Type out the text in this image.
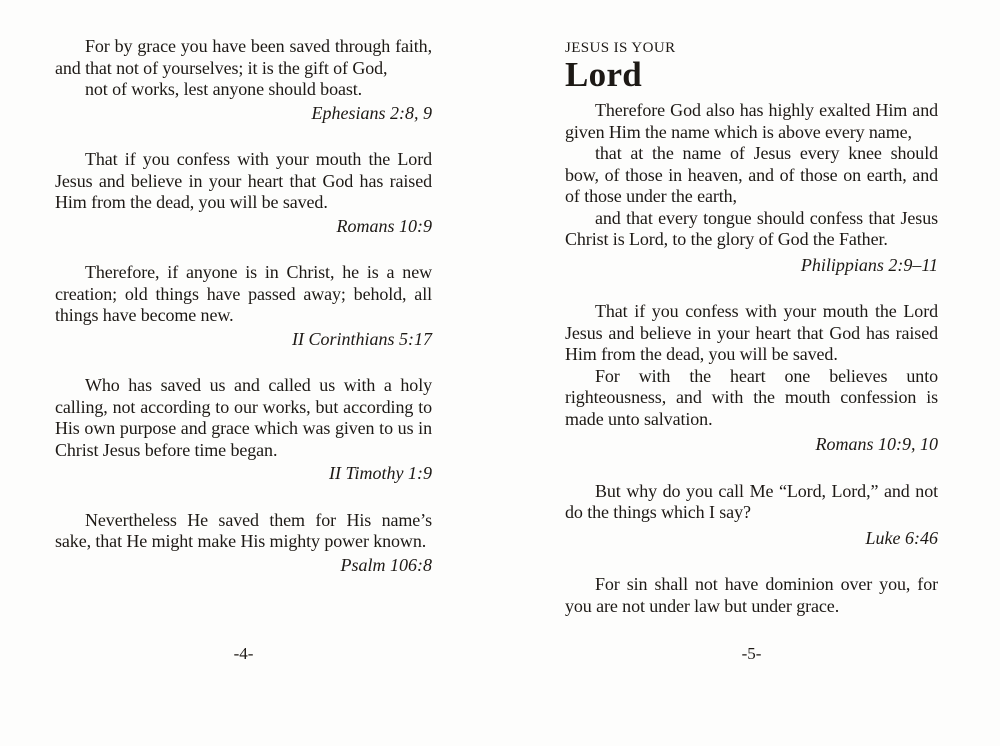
For by grace you have been saved through faith, and that not of yourselves; it is the gift of God,

not of works, lest anyone should boast.

Ephesians 2:8, 9

That if you confess with your mouth the Lord Jesus and believe in your heart that God has raised Him from the dead, you will be saved.

Romans 10:9

Therefore, if anyone is in Christ, he is a new creation; old things have passed away; behold, all things have become new.

II Corinthians 5:17

Who has saved us and called us with a holy calling, not according to our works, but according to His own purpose and grace which was given to us in Christ Jesus before time began.

II Timothy 1:9

Nevertheless He saved them for His name’s sake, that He might make His mighty power known.

Psalm 106:8

-4-
JESUS IS YOUR
Lord

Therefore God also has highly exalted Him and given Him the name which is above every name,

that at the name of Jesus every knee should bow, of those in heaven, and of those on earth, and of those under the earth,

and that every tongue should confess that Jesus Christ is Lord, to the glory of God the Father.

Philippians 2:9–11

That if you confess with your mouth the Lord Jesus and believe in your heart that God has raised Him from the dead, you will be saved.

For with the heart one believes unto righteousness, and with the mouth confession is made unto salvation.

Romans 10:9, 10

But why do you call Me “Lord, Lord,” and not do the things which I say?

Luke 6:46

For sin shall not have dominion over you, for you are not under law but under grace.

-5-
